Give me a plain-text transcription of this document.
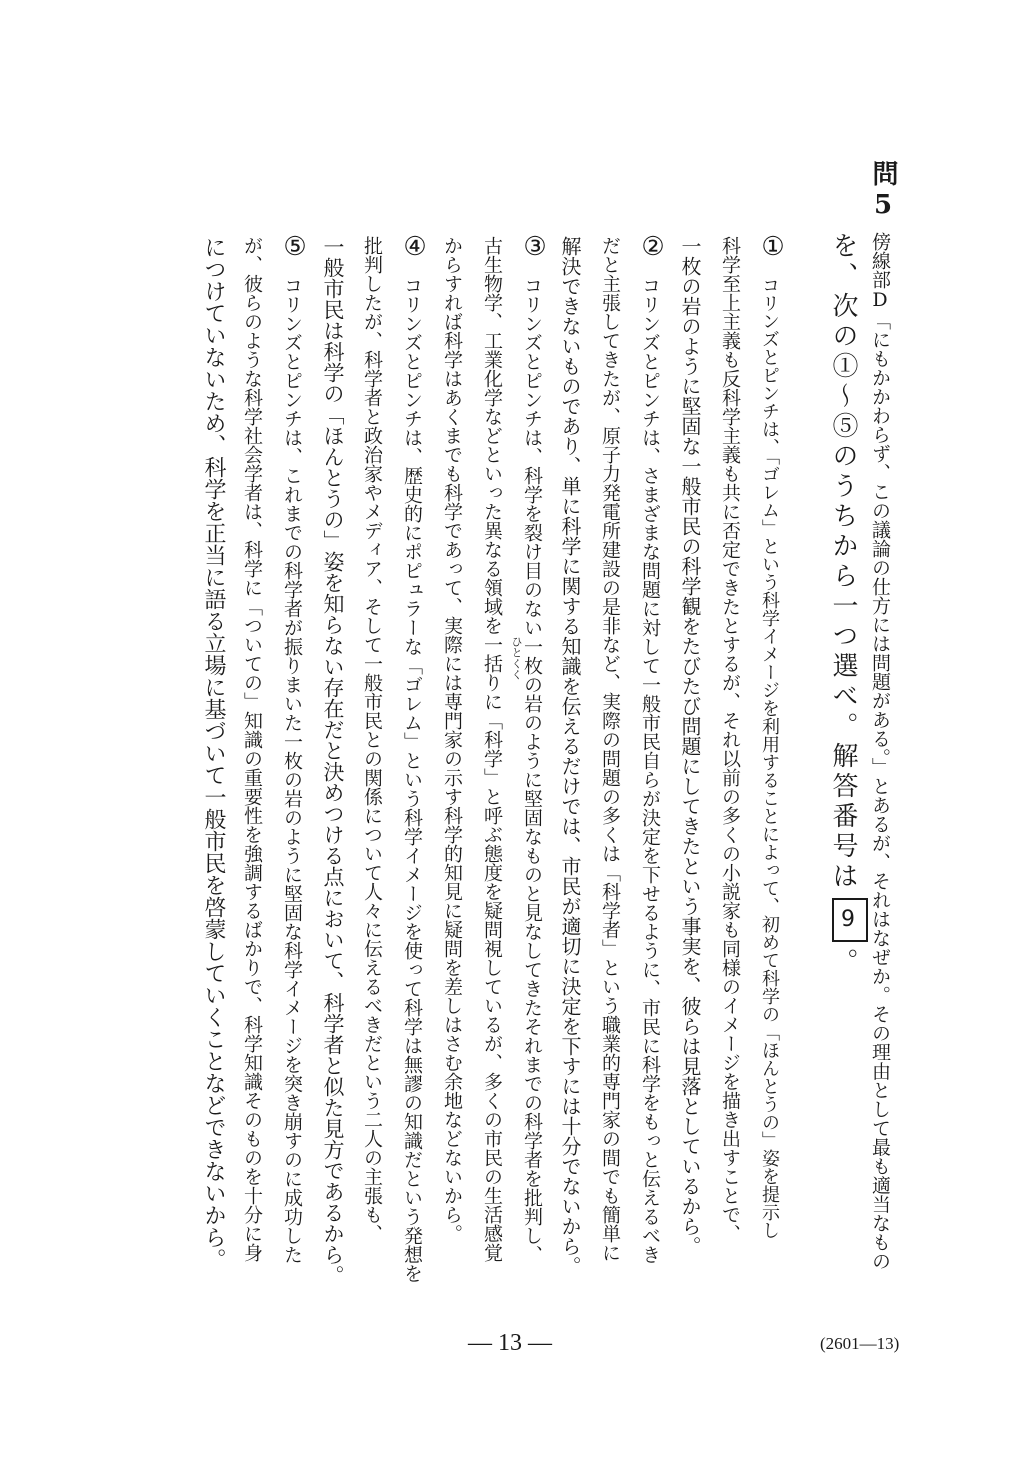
問5
傍線部D「にもかかわらず、この議論の仕方には問題がある。」とあるが、それはなぜか。その理由として最も適当なもの
を、次の①～⑤のうちから一つ選べ。解答番号は9。
①
コリンズとピンチは、「ゴレム」という科学イメージを利用することによって、初めて科学の「ほんとうの」姿を提示し
科学至上主義も反科学主義も共に否定できたとするが、それ以前の多くの小説家も同様のイメージを描き出すことで、
一枚の岩のように堅固な一般市民の科学観をたびたび問題にしてきたという事実を、彼らは見落としているから。
②
コリンズとピンチは、さまざまな問題に対して一般市民自らが決定を下せるように、市民に科学をもっと伝えるべき
だと主張してきたが、原子力発電所建設の是非など、実際の問題の多くは「科学者」という職業的専門家の間でも簡単に
解決できないものであり、単に科学に関する知識を伝えるだけでは、市民が適切に決定を下すには十分でないから。
③
コリンズとピンチは、科学を裂け目のない一枚の岩のように堅固なものと見なしてきたそれまでの科学者を批判し、
古生物学、工業化学などといった異なる領域を一括りに「科学」と呼ぶ態度を疑問視しているが、多くの市民の生活感覚 ひとくく
からすれば科学はあくまでも科学であって、実際には専門家の示す科学的知見に疑問を差しはさむ余地などないから。
④
コリンズとピンチは、歴史的にポピュラーな「ゴレム」という科学イメージを使って科学は無謬の知識だという発想を
批判したが、科学者と政治家やメディア、そして一般市民との関係について人々に伝えるべきだという二人の主張も、
一般市民は科学の「ほんとうの」姿を知らない存在だと決めつける点において、科学者と似た見方であるから。
⑤
コリンズとピンチは、これまでの科学者が振りまいた一枚の岩のように堅固な科学イメージを突き崩すのに成功した
が、彼らのような科学社会学者は、科学に「ついての」知識の重要性を強調するばかりで、科学知識そのものを十分に身
につけていないため、科学を正当に語る立場に基づいて一般市民を啓蒙していくことなどできないから。
— 13 —	(2601—13)
